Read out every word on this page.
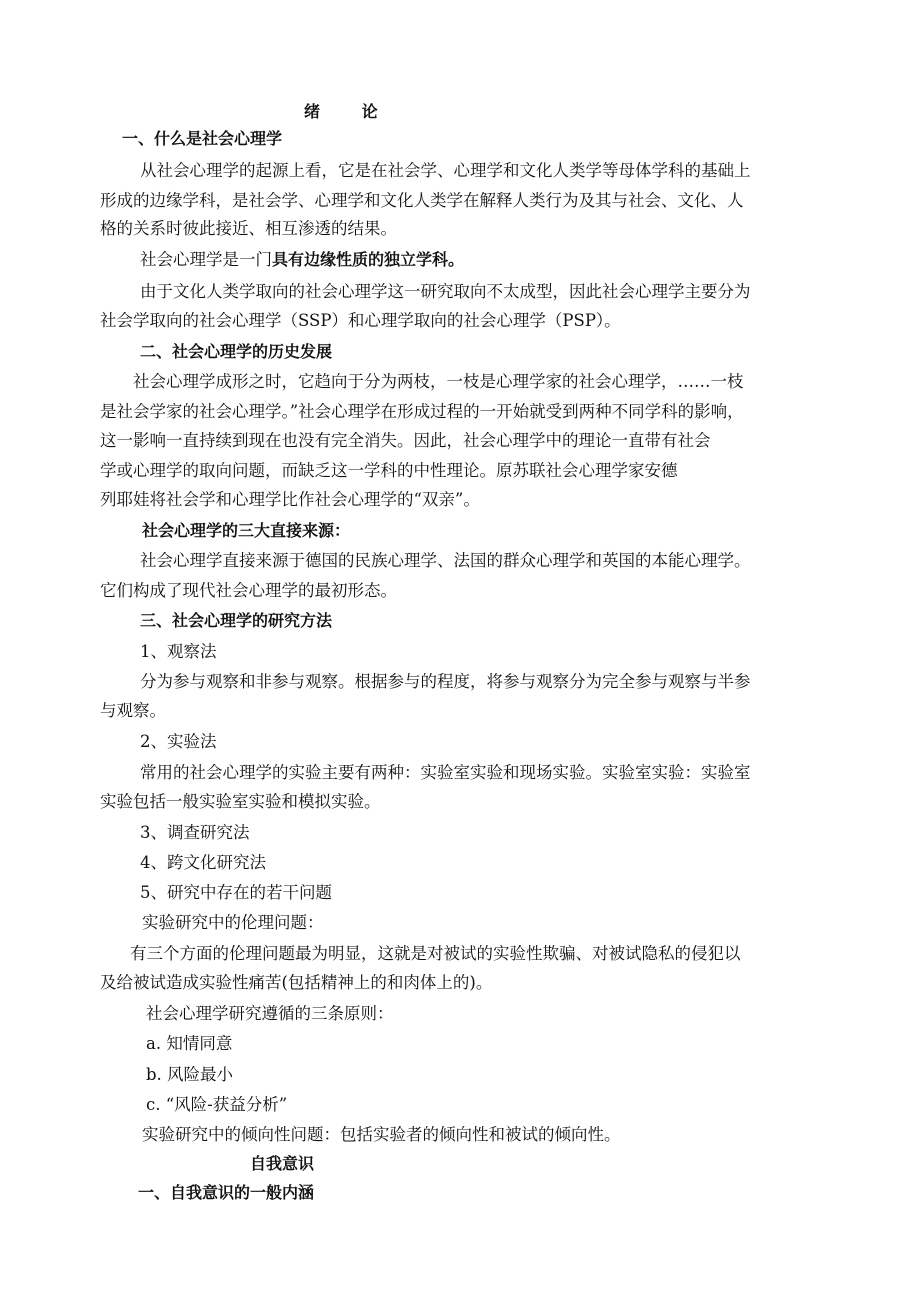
绪 论
一、什么是社会心理学
从社会心理学的起源上看，它是在社会学、心理学和文化人类学等母体学科的基础上
形成的边缘学科，是社会学、心理学和文化人类学在解释人类行为及其与社会、文化、人
格的关系时彼此接近、相互渗透的结果。
社会心理学是一门具有边缘性质的独立学科。
由于文化人类学取向的社会心理学这一研究取向不太成型，因此社会心理学主要分为
社会学取向的社会心理学（SSP）和心理学取向的社会心理学（PSP）。
二、社会心理学的历史发展
社会心理学成形之时，它趋向于分为两枝，一枝是心理学家的社会心理学，……一枝
是社会学家的社会心理学。”社会心理学在形成过程的一开始就受到两种不同学科的影响，
这一影响一直持续到现在也没有完全消失。因此，社会心理学中的理论一直带有社会
学或心理学的取向问题，而缺乏这一学科的中性理论。原苏联社会心理学家安德
列耶娃将社会学和心理学比作社会心理学的“双亲”。
社会心理学的三大直接来源：
社会心理学直接来源于德国的民族心理学、法国的群众心理学和英国的本能心理学。
它们构成了现代社会心理学的最初形态。
三、社会心理学的研究方法
1、观察法
分为参与观察和非参与观察。根据参与的程度，将参与观察分为完全参与观察与半参
与观察。
2、实验法
常用的社会心理学的实验主要有两种：实验室实验和现场实验。实验室实验：实验室
实验包括一般实验室实验和模拟实验。
3、调查研究法
4、跨文化研究法
5、研究中存在的若干问题
实验研究中的伦理问题：
有三个方面的伦理问题最为明显，这就是对被试的实验性欺骗、对被试隐私的侵犯以
及给被试造成实验性痛苦(包括精神上的和肉体上的)。
社会心理学研究遵循的三条原则：
a. 知情同意
b. 风险最小
c. “风险-获益分析”
实验研究中的倾向性问题：包括实验者的倾向性和被试的倾向性。
自我意识
一、自我意识的一般内涵
